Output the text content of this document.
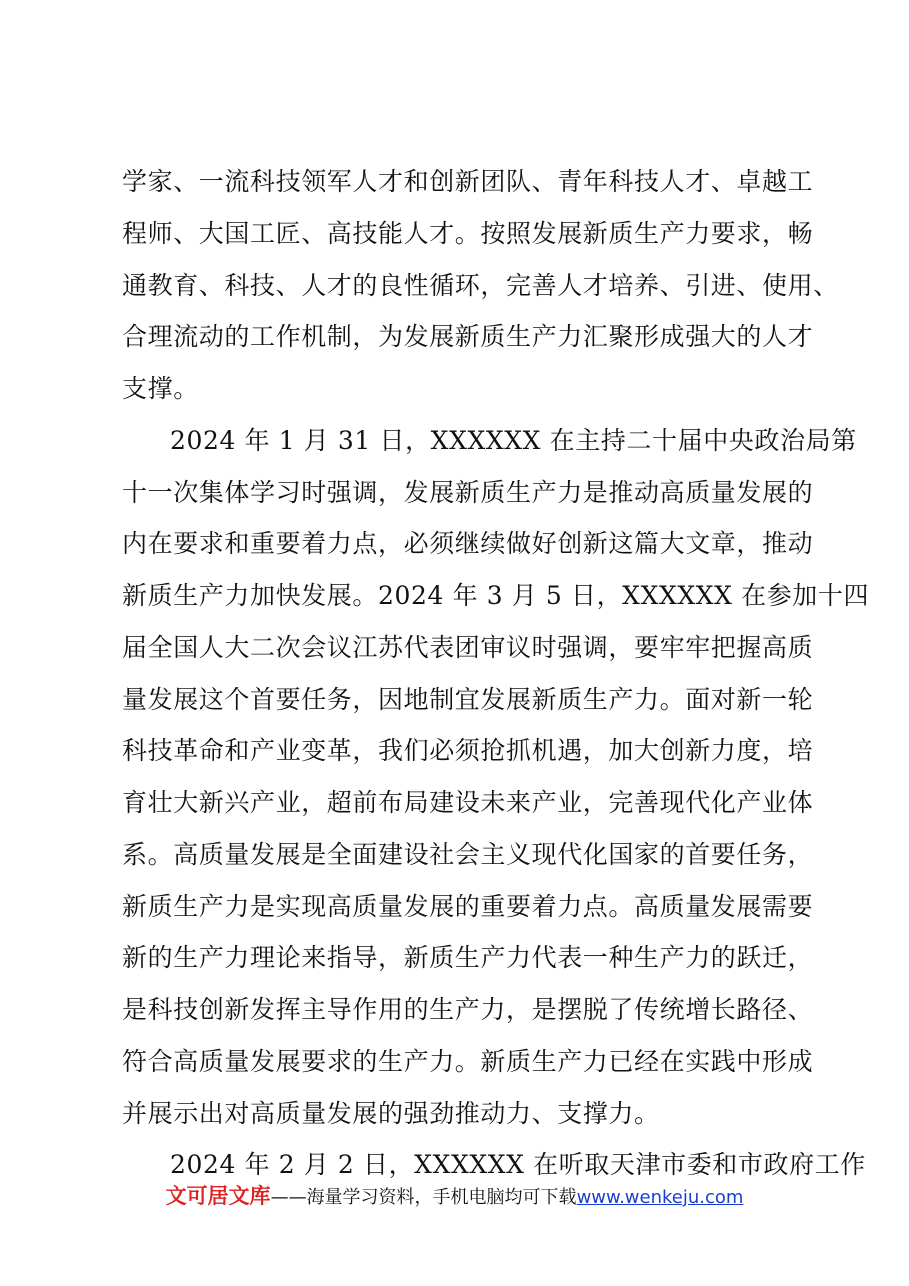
学家、一流科技领军人才和创新团队、青年科技人才、卓越工
程师、大国工匠、高技能人才。按照发展新质生产力要求，畅
通教育、科技、人才的良性循环，完善人才培养、引进、使用、
合理流动的工作机制，为发展新质生产力汇聚形成强大的人才
支撑。
2024 年 1 月 31 日，XXXXXX 在主持二十届中央政治局第
十一次集体学习时强调，发展新质生产力是推动高质量发展的
内在要求和重要着力点，必须继续做好创新这篇大文章，推动
新质生产力加快发展。2024 年 3 月 5 日，XXXXXX 在参加十四
届全国人大二次会议江苏代表团审议时强调，要牢牢把握高质
量发展这个首要任务，因地制宜发展新质生产力。面对新一轮
科技革命和产业变革，我们必须抢抓机遇，加大创新力度，培
育壮大新兴产业，超前布局建设未来产业，完善现代化产业体
系。高质量发展是全面建设社会主义现代化国家的首要任务，
新质生产力是实现高质量发展的重要着力点。高质量发展需要
新的生产力理论来指导，新质生产力代表一种生产力的跃迁，
是科技创新发挥主导作用的生产力，是摆脱了传统增长路径、
符合高质量发展要求的生产力。新质生产力已经在实践中形成
并展示出对高质量发展的强劲推动力、支撑力。
2024 年 2 月 2 日，XXXXXX 在听取天津市委和市政府工作
文可居文库——海量学习资料，手机电脑均可下载www.wenkeju.com
